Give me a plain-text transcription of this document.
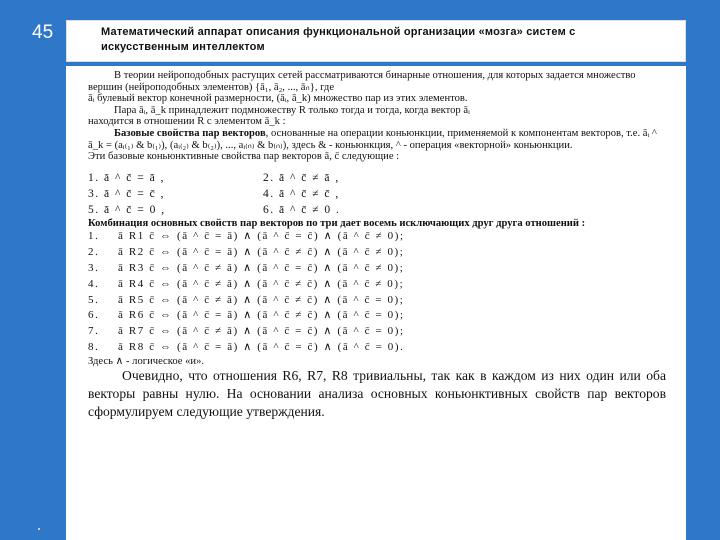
45	Математический аппарат описания функциональной организации «мозга» систем с искусственным интеллектом

В теории нейроподобных растущих сетей рассматриваются бинарные отношения, для которых задается множество вершин (нейроподобных элементов) {ā₁, ā₂, ..., āₙ}, где

āᵢ булевый вектор конечной размерности, (āᵢ, ā_k) множество пар из этих элементов.

Пара āᵢ, ā_k принадлежит подмножеству R только тогда и тогда, когда вектор āᵢ

находится в отношении R с элементом ā_k :

Базовые свойства пар векторов, основанные на операции коньюнкции, применяемой к компонентам векторов, т.е. āᵢ ^ ā_k = (aᵢ₍₁₎ & b₍₁₎), (aᵢ₍₂₎ & b₍₂₎), ..., aᵢ₍ₙ₎ & b₍ₙ₎), здесь & - коньюнкция, ^ - операция «векторной» коньюнкции.

Эти базовые коньюнктивные свойства пар векторов ā, c̄ следующие :

1. ā ^ c̄ = ā ,	2. ā ^ c̄ ≠ ā ,
3. ā ^ c̄ = c̄ ,	4. ā ^ c̄ ≠ c̄ ,
5. ā ^ c̄ = 0 ,	6. ā ^ c̄ ≠ 0 .

Комбинация основных свойств пар векторов по три дает восемь исключающих друг друга отношений :

1. ā R1 c̄ ⇔ (ā ^ c̄ = ā) ∧ (ā ^ c̄ = c̄) ∧ (ā ^ c̄ ≠ 0);
2. ā R2 c̄ ⇔ (ā ^ c̄ = ā) ∧ (ā ^ c̄ ≠ c̄) ∧ (ā ^ c̄ ≠ 0);
3. ā R3 c̄ ⇔ (ā ^ c̄ ≠ ā) ∧ (ā ^ c̄ = c̄) ∧ (ā ^ c̄ ≠ 0);
4. ā R4 c̄ ⇔ (ā ^ c̄ ≠ ā) ∧ (ā ^ c̄ ≠ c̄) ∧ (ā ^ c̄ ≠ 0);
5. ā R5 c̄ ⇔ (ā ^ c̄ ≠ ā) ∧ (ā ^ c̄ ≠ c̄) ∧ (ā ^ c̄ = 0);
6. ā R6 c̄ ⇔ (ā ^ c̄ = ā) ∧ (ā ^ c̄ ≠ c̄) ∧ (ā ^ c̄ = 0);
7. ā R7 c̄ ⇔ (ā ^ c̄ ≠ ā) ∧ (ā ^ c̄ = c̄) ∧ (ā ^ c̄ = 0);
8. ā R8 c̄ ⇔ (ā ^ c̄ = ā) ∧ (ā ^ c̄ = c̄) ∧ (ā ^ c̄ = 0).

Здесь ∧ - логическое «и».

Очевидно, что отношения R6, R7, R8 тривиальны, так как в каждом из них один или оба векторы равны нулю. На основании анализа основных коньюнктивных свойств пар векторов сформулируем следующие утверждения.
